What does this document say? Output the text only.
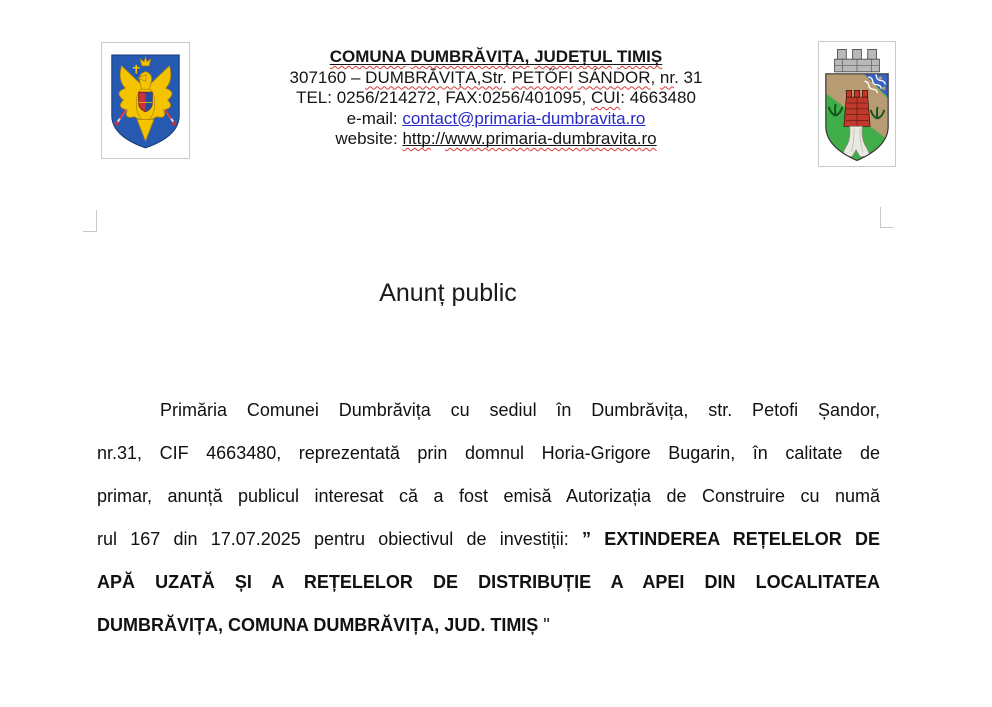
COMUNA DUMBRĂVIȚA, JUDEȚUL TIMIȘ
307160 – DUMBRĂVIȚA,Str. PETŐFI SÁNDOR, nr. 31
TEL: 0256/214272, FAX:0256/401095, CUI: 4663480
e-mail: contact@primaria-dumbravita.ro
website: http://www.primaria-dumbravita.ro
Anunț public
Primăria Comunei Dumbrăvița cu sediul în Dumbrăvița, str. Petofi Șandor,
nr.31, CIF 4663480, reprezentată prin domnul Horia-Grigore Bugarin, în calitate de
primar, anunță publicul interesat că a fost emisă Autorizația de Construire cu numă
rul 167 din 17.07.2025 pentru obiectivul de investiții: ” EXTINDEREA REȚELELOR DE
APĂ UZATĂ ȘI A REȚELELOR DE DISTRIBUȚIE A APEI DIN LOCALITATEA
DUMBRĂVIȚA, COMUNA DUMBRĂVIȚA, JUD. TIMIȘ "
